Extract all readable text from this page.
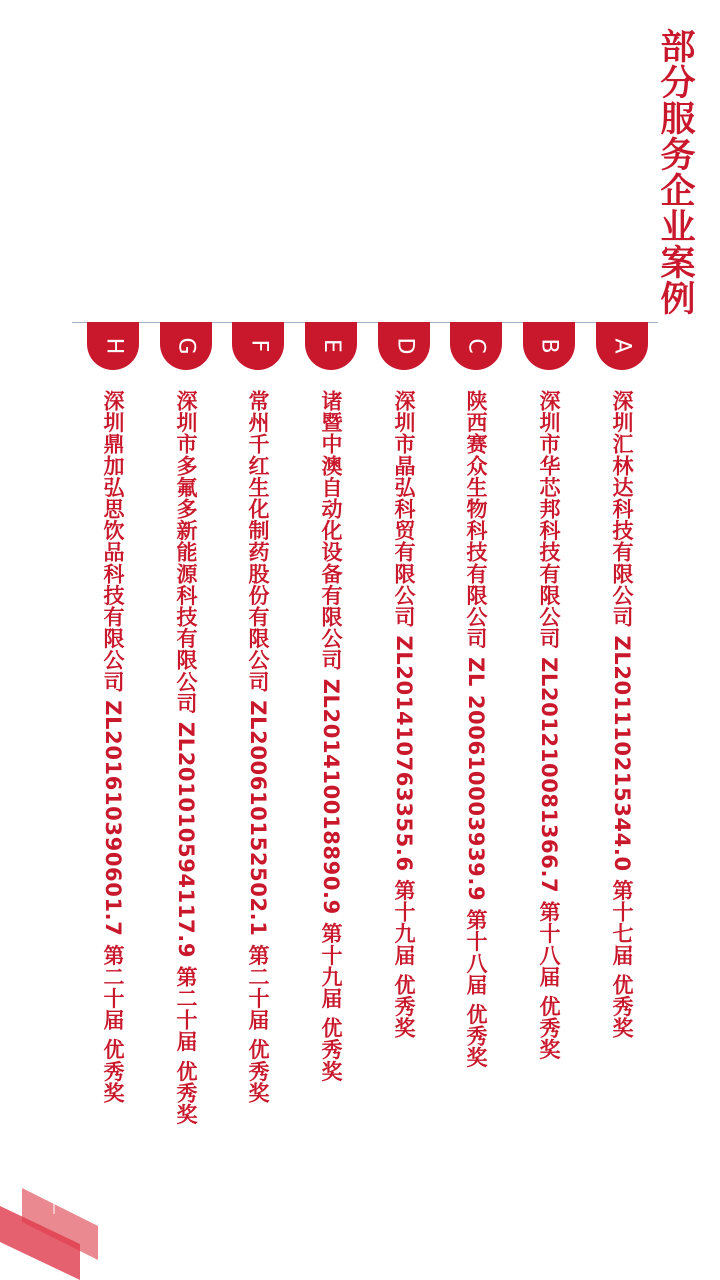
部分服务企业案例
A
深圳汇林达科技有限公司 ZL201110215344.0 第十七届 优秀奖
B
深圳市华芯邦科技有限公司 ZL201210081366.7 第十八届 优秀奖
C
陕西赛众生物科技有限公司 ZL 200610003939.9 第十八届 优秀奖
D
深圳市晶弘科贸有限公司 ZL201410763355.6 第十九届 优秀奖
E
诸暨中澳自动化设备有限公司 ZL201410018890.9 第十九届 优秀奖
F
常州千红生化制药股份有限公司 ZL200610152502.1 第二十届 优秀奖
G
深圳市多氟多新能源科技有限公司 ZL201010594117.9 第二十届 优秀奖
H
深圳鼎加弘思饮品科技有限公司 ZL201610390601.7 第二十届 优秀奖
